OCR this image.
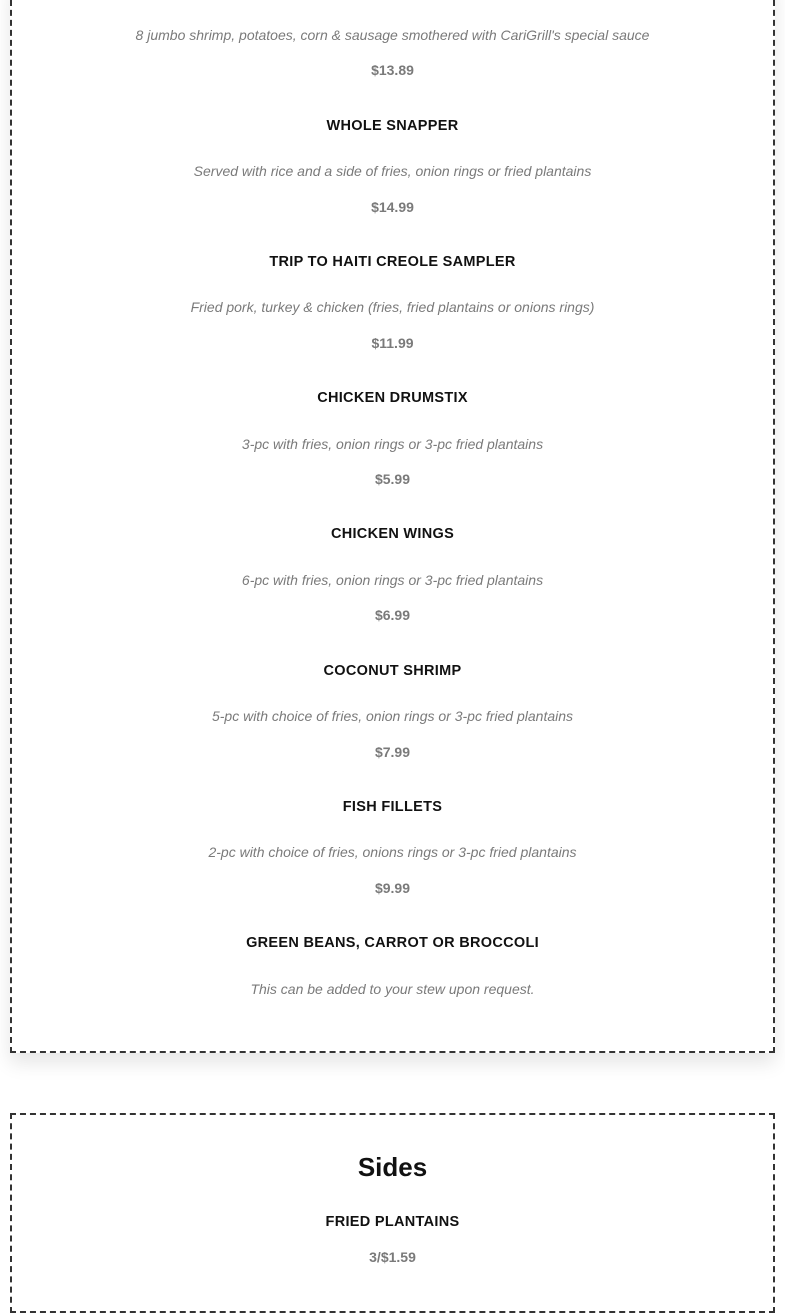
8 jumbo shrimp, potatoes, corn & sausage smothered with CariGrill's special sauce
$13.89
WHOLE SNAPPER
Served with rice and a side of fries, onion rings or fried plantains
$14.99
TRIP TO HAITI CREOLE SAMPLER
Fried pork, turkey & chicken (fries, fried plantains or onions rings)
$11.99
CHICKEN DRUMSTIX
3-pc with fries, onion rings or 3-pc fried plantains
$5.99
CHICKEN WINGS
6-pc with fries, onion rings or 3-pc fried plantains
$6.99
COCONUT SHRIMP
5-pc with choice of fries, onion rings or 3-pc fried plantains
$7.99
FISH FILLETS
2-pc with choice of fries, onions rings or 3-pc fried plantains
$9.99
GREEN BEANS, CARROT OR BROCCOLI
This can be added to your stew upon request.
Sides
FRIED PLANTAINS
3/$1.59
